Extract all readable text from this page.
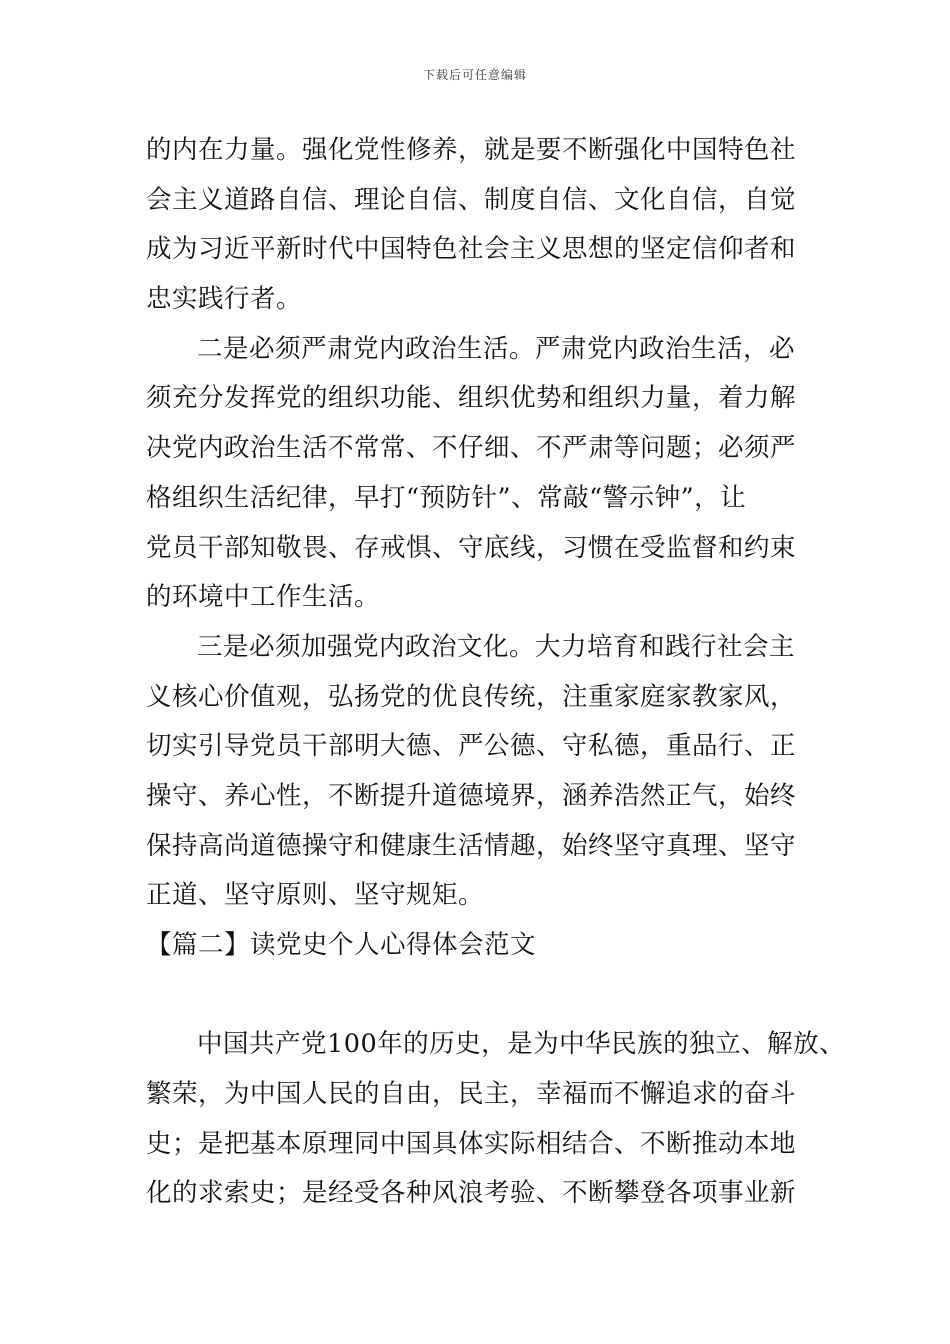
下载后可任意编辑
的内在力量。强化党性修养，就是要不断强化中国特色社
会主义道路自信、理论自信、制度自信、文化自信，自觉
成为习近平新时代中国特色社会主义思想的坚定信仰者和
忠实践行者。
二是必须严肃党内政治生活。严肃党内政治生活，必
须充分发挥党的组织功能、组织优势和组织力量，着力解
决党内政治生活不常常、不仔细、不严肃等问题；必须严
格组织生活纪律，早打“预防针”、常敲“警示钟”，让
党员干部知敬畏、存戒惧、守底线，习惯在受监督和约束
的环境中工作生活。
三是必须加强党内政治文化。大力培育和践行社会主
义核心价值观，弘扬党的优良传统，注重家庭家教家风，
切实引导党员干部明大德、严公德、守私德，重品行、正
操守、养心性，不断提升道德境界，涵养浩然正气，始终
保持高尚道德操守和健康生活情趣，始终坚守真理、坚守
正道、坚守原则、坚守规矩。
【篇二】读党史个人心得体会范文
中国共产党100年的历史，是为中华民族的独立、解放、
繁荣，为中国人民的自由，民主，幸福而不懈追求的奋斗
史；是把基本原理同中国具体实际相结合、不断推动本地
化的求索史；是经受各种风浪考验、不断攀登各项事业新
